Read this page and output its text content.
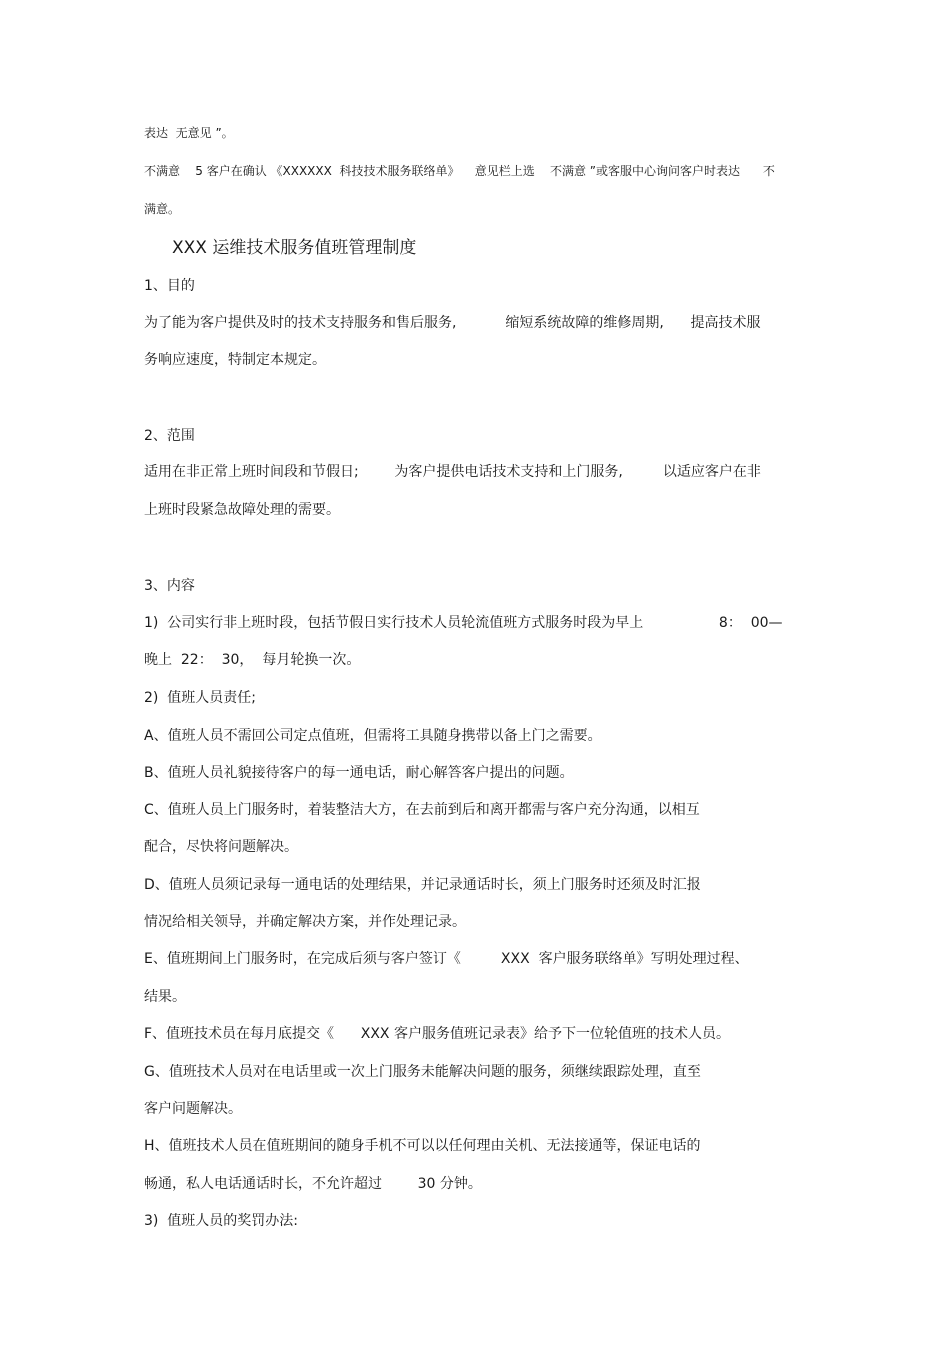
表达  无意见 ”。
不满意    5 客户在确认 《XXXXXX  科技技术服务联络单》    意见栏上选    不满意 ”或客服中心询问客户时表达      不
满意。
XXX 运维技术服务值班管理制度
1、目的
为了能为客户提供及时的技术支持服务和售后服务,           缩短系统故障的维修周期,      提高技术服
务响应速度，特制定本规定。
2、范围
适用在非正常上班时间段和节假日;        为客户提供电话技术支持和上门服务,         以适应客户在非
上班时段紧急故障处理的需要。
3、内容
1)  公司实行非上班时段，包括节假日实行技术人员轮流值班方式服务时段为早上                 8：  00—
晚上  22：  30，  每月轮换一次。
2)  值班人员责任;
A、值班人员不需回公司定点值班，但需将工具随身携带以备上门之需要。
B、值班人员礼貌接待客户的每一通电话，耐心解答客户提出的问题。
C、值班人员上门服务时，着装整洁大方，在去前到后和离开都需与客户充分沟通，以相互
配合，尽快将问题解决。
D、值班人员须记录每一通电话的处理结果，并记录通话时长，须上门服务时还须及时汇报
情况给相关领导，并确定解决方案，并作处理记录。
E、值班期间上门服务时，在完成后须与客户签订《         XXX  客户服务联络单》写明处理过程、
结果。
F、值班技术员在每月底提交《      XXX 客户服务值班记录表》给予下一位轮值班的技术人员。
G、值班技术人员对在电话里或一次上门服务未能解决问题的服务，须继续跟踪处理，直至
客户问题解决。
H、值班技术人员在值班期间的随身手机不可以以任何理由关机、无法接通等，保证电话的
畅通，私人电话通话时长，不允许超过        30 分钟。
3)  值班人员的奖罚办法:
